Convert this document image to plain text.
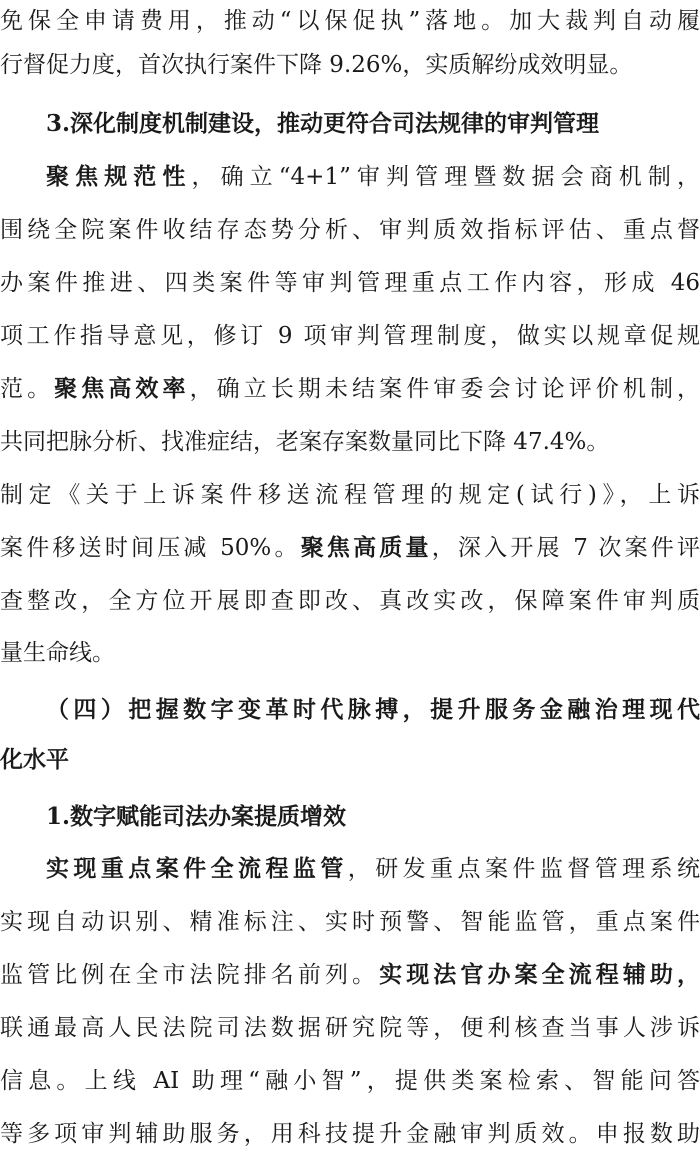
免保全申请费用，推动“以保促执”落地。加大裁判自动履
行督促力度，首次执行案件下降 9.26%，实质解纷成效明显。
3.深化制度机制建设，推动更符合司法规律的审判管理
聚焦规范性，确立“4+1”审判管理暨数据会商机制，
围绕全院案件收结存态势分析、审判质效指标评估、重点督
办案件推进、四类案件等审判管理重点工作内容，形成 46
项工作指导意见，修订 9 项审判管理制度，做实以规章促规
范。聚焦高效率，确立长期未结案件审委会讨论评价机制，
共同把脉分析、找准症结，老案存案数量同比下降 47.4%。
制定《关于上诉案件移送流程管理的规定(试行)》，上诉
案件移送时间压减 50%。聚焦高质量，深入开展 7 次案件评
查整改，全方位开展即查即改、真改实改，保障案件审判质
量生命线。
（四）把握数字变革时代脉搏，提升服务金融治理现代
化水平
1.数字赋能司法办案提质增效
实现重点案件全流程监管，研发重点案件监督管理系统
实现自动识别、精准标注、实时预警、智能监管，重点案件
监管比例在全市法院排名前列。实现法官办案全流程辅助，
联通最高人民法院司法数据研究院等，便利核查当事人涉诉
信息。上线 AI 助理“融小智”，提供类案检索、智能问答
等多项审判辅助服务，用科技提升金融审判质效。申报数助
